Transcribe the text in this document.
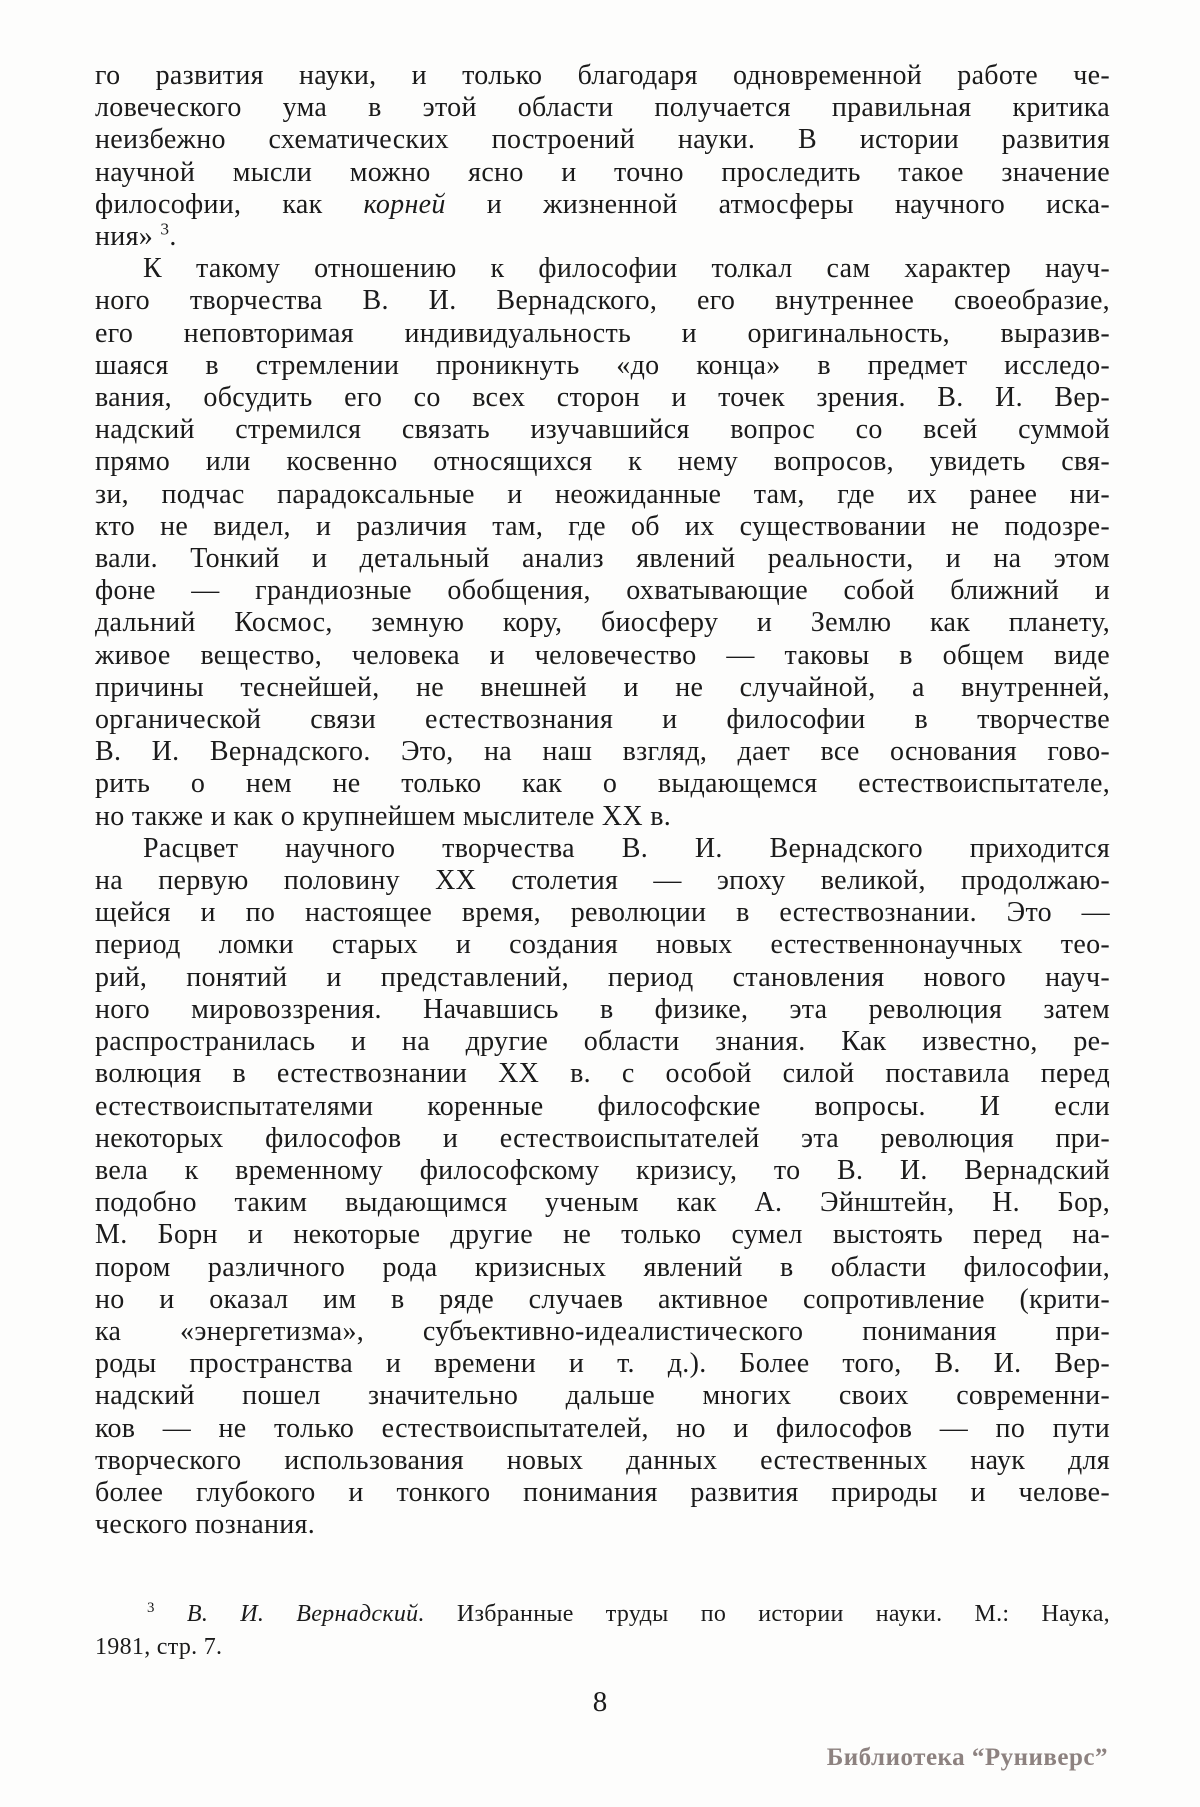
го развития науки, и только благодаря одновременной работе че-
ловеческого ума в этой области получается правильная критика
неизбежно схематических построений науки. В истории развития
научной мысли можно ясно и точно проследить такое значение
философии, как корней и жизненной атмосферы научного иска-
ния» $^3$.
К такому отношению к философии толкал сам характер науч-
ного творчества В. И. Вернадского, его внутреннее своеобразие,
его неповторимая индивидуальность и оригинальность, выразив-
шаяся в стремлении проникнуть «до конца» в предмет исследо-
вания, обсудить его со всех сторон и точек зрения. В. И. Вер-
надский стремился связать изучавшийся вопрос со всей суммой
прямо или косвенно относящихся к нему вопросов, увидеть свя-
зи, подчас парадоксальные и неожиданные там, где их ранее ни-
кто не видел, и различия там, где об их существовании не подозре-
вали. Тонкий и детальный анализ явлений реальности, и на этом
фоне — грандиозные обобщения, охватывающие собой ближний и
дальний Космос, земную кору, биосферу и Землю как планету,
живое вещество, человека и человечество — таковы в общем виде
причины теснейшей, не внешней и не случайной, а внутренней,
органической связи естествознания и философии в творчестве
В. И. Вернадского. Это, на наш взгляд, дает все основания гово-
рить о нем не только как о выдающемся естествоиспытателе,
но также и как о крупнейшем мыслителе XX в.
Расцвет научного творчества В. И. Вернадского приходится
на первую половину XX столетия — эпоху великой, продолжаю-
щейся и по настоящее время, революции в естествознании. Это —
период ломки старых и создания новых естественнонаучных тео-
рий, понятий и представлений, период становления нового науч-
ного мировоззрения. Начавшись в физике, эта революция затем
распространилась и на другие области знания. Как известно, ре-
волюция в естествознании XX в. с особой силой поставила перед
естествоиспытателями коренные философские вопросы. И если
некоторых философов и естествоиспытателей эта революция при-
вела к временному философскому кризису, то В. И. Вернадский
подобно таким выдающимся ученым как А. Эйнштейн, Н. Бор,
М. Борн и некоторые другие не только сумел выстоять перед на-
пором различного рода кризисных явлений в области философии,
но и оказал им в ряде случаев активное сопротивление (крити-
ка «энергетизма», субъективно-идеалистического понимания при-
роды пространства и времени и т. д.). Более того, В. И. Вер-
надский пошел значительно дальше многих своих современни-
ков — не только естествоиспытателей, но и философов — по пути
творческого использования новых данных естественных наук для
более глубокого и тонкого понимания развития природы и челове-
ческого познания.
$^3$ В. И. Вернадский. Избранные труды по истории науки. М.: Наука,
1981, стр. 7.
8
Библиотека “Руниверс”
